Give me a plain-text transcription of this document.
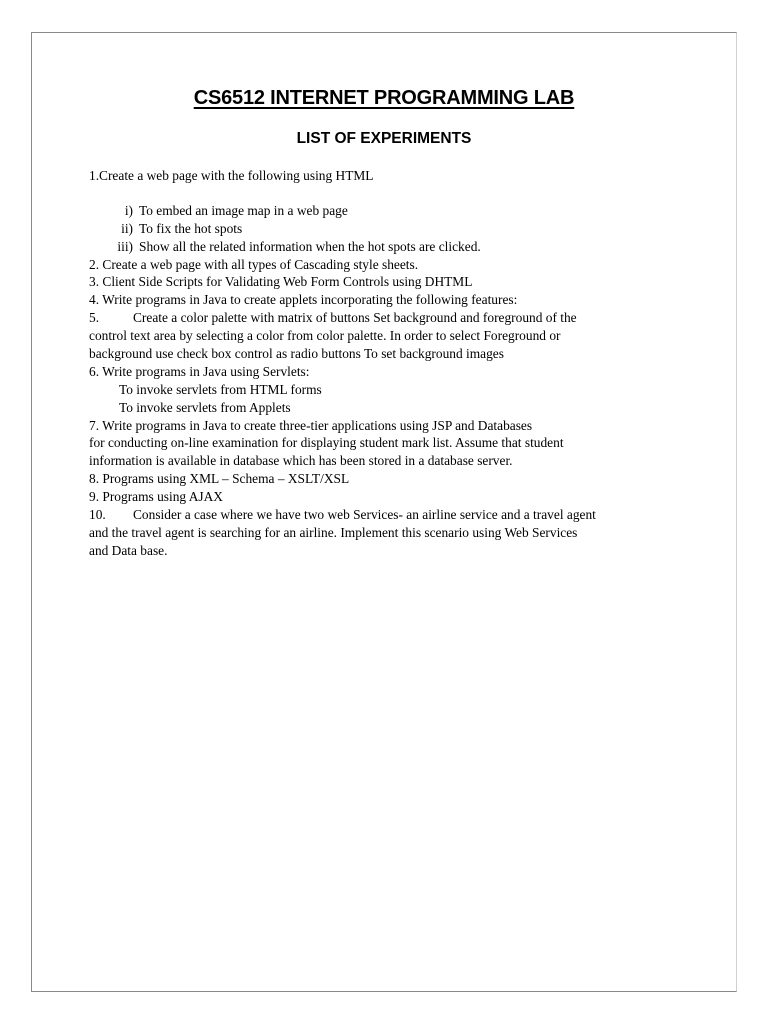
CS6512 INTERNET PROGRAMMING LAB
LIST OF EXPERIMENTS
1.Create a web page with the following using HTML
i) To embed an image map in a web page
ii) To fix the hot spots
iii) Show all the related information when the hot spots are clicked.
2. Create a web page with all types of Cascading style sheets.
3. Client Side Scripts for Validating Web Form Controls using DHTML
4. Write programs in Java to create applets incorporating the following features:
5.	Create a color palette with matrix of buttons Set background and foreground of the
control text area by selecting a color from color palette. In order to select Foreground or
background use check box control as radio buttons To set background images
6. Write programs in Java using Servlets:
To invoke servlets from HTML forms
To invoke servlets from Applets
7. Write programs in Java to create three-tier applications using JSP and Databases
for conducting on-line examination for displaying student mark list. Assume that student
information is available in database which has been stored in a database server.
8. Programs using XML – Schema – XSLT/XSL
9. Programs using AJAX
10. Consider a case where we have two web Services- an airline service and a travel agent
and the travel agent is searching for an airline. Implement this scenario using Web Services
and Data base.
